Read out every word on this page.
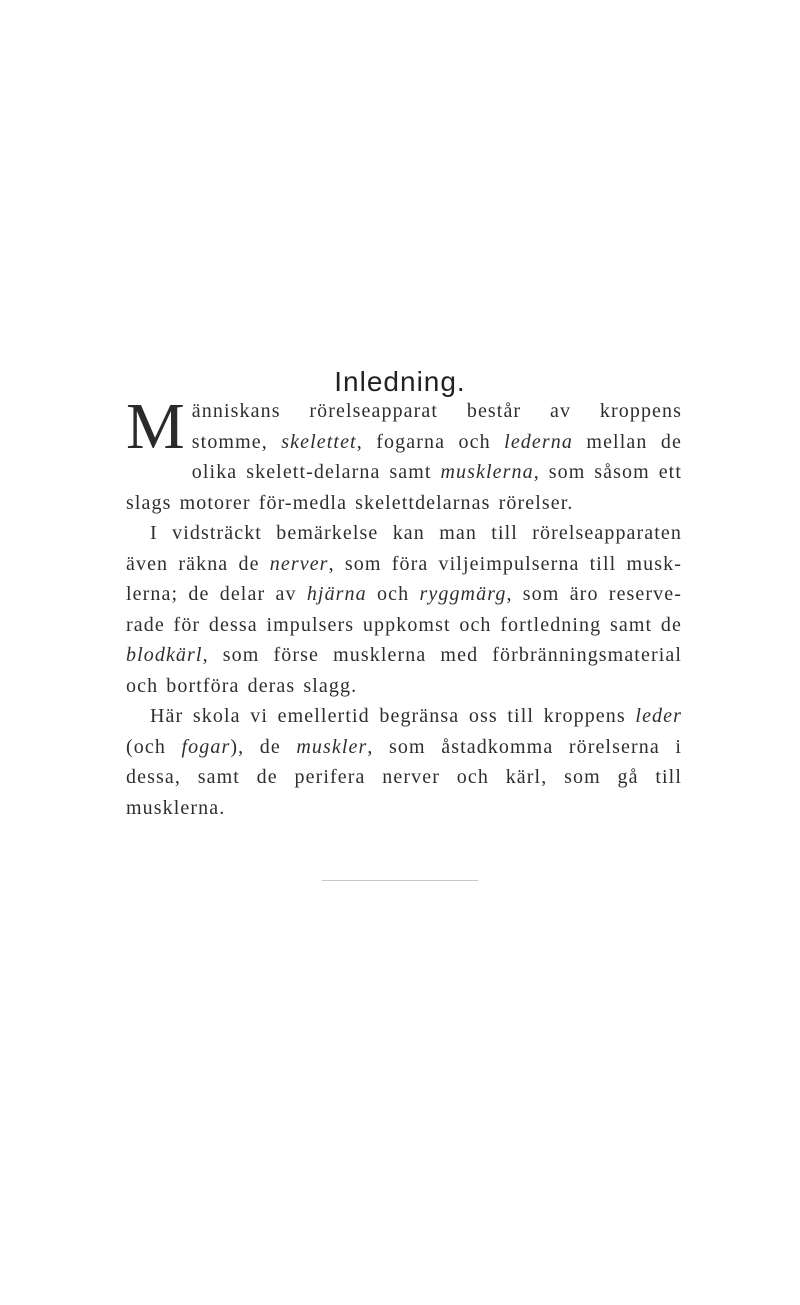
Inledning.

Människans rörelseapparat består av kroppens stomme, skelettet, fogarna och lederna mellan de olika skelett-delarna samt musklerna, som såsom ett slags motorer för-medla skelettdelarnas rörelser.

I vidsträckt bemärkelse kan man till rörelseapparaten även räkna de nerver, som föra viljeimpulserna till musk-lerna; de delar av hjärna och ryggmärg, som äro reserve-rade för dessa impulsers uppkomst och fortledning samt de blodkärl, som förse musklerna med förbränningsmaterial och bortföra deras slagg.

Här skola vi emellertid begränsa oss till kroppens leder (och fogar), de muskler, som åstadkomma rörelserna i dessa, samt de perifera nerver och kärl, som gå till musklerna.
